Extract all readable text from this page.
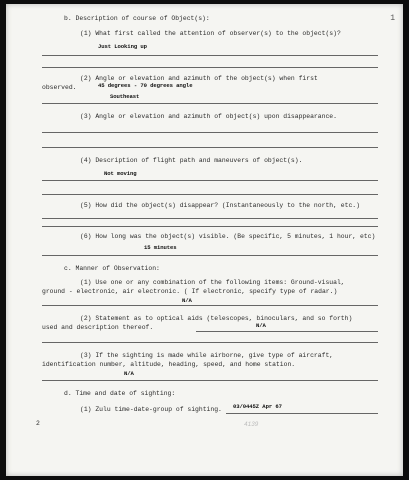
1
b. Description of course of Object(s):
(1) What first called the attention of observer(s) to the object(s)?
Just Looking up
(2) Angle or elevation and azimuth of the object(s) when first
observed.	45 degrees - 70 degrees angle
Southeast
(3) Angle or elevation and azimuth of object(s) upon disappearance.
(4) Description of flight path and maneuvers of object(s).
Not moving
(5) How did the object(s) disappear? (Instantaneously to the north, etc.)
(6) How long was the object(s) visible. (Be specific, 5 minutes, 1 hour, etc)
15 minutes
c. Manner of Observation:
(1) Use one or any combination of the following items: Ground-visual,
ground - electronic, air electronic. ( If electronic, specify type of radar.)
N/A
(2) Statement as to optical aids (telescopes, binoculars, and so forth)
used and description thereof.	N/A
(3) If the sighting is made while airborne, give type of aircraft,
identification number, altitude, heading, speed, and home station.
N/A
d. Time and date of sighting:
(1) Zulu time-date-group of sighting. 03/0445Z Apr 67
2	4139
